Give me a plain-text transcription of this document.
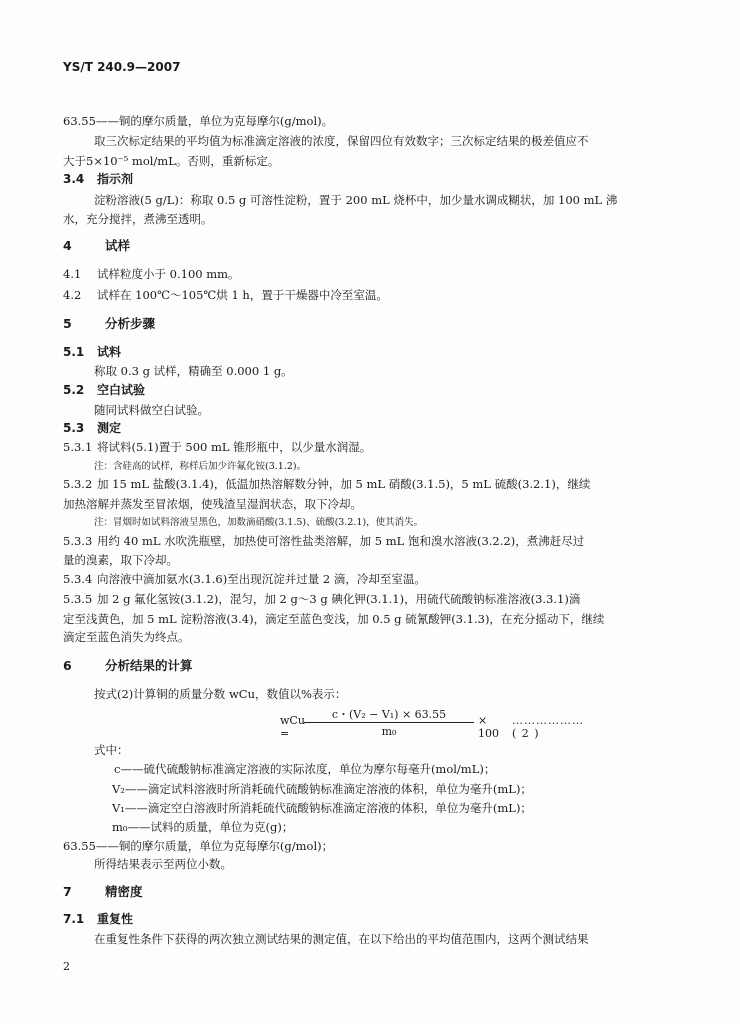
YS/T 240.9—2007
63.55——铜的摩尔质量，单位为克每摩尔(g/mol)。
取三次标定结果的平均值为标准滴定溶液的浓度，保留四位有效数字；三次标定结果的极差值应不
大于5×10⁻⁵ mol/mL。否则，重新标定。
3.4 指示剂
淀粉溶液(5 g/L)：称取 0.5 g 可溶性淀粉，置于 200 mL 烧杯中，加少量水调成糊状，加 100 mL 沸
水，充分搅拌，煮沸至透明。
4	试样
4.1 试样粒度小于 0.100 mm。
4.2 试样在 100℃～105℃烘 1 h，置于干燥器中冷至室温。
5	分析步骤
5.1 试料
称取 0.3 g 试样，精确至 0.000 1 g。
5.2 空白试验
随同试料做空白试验。
5.3 测定
5.3.1 将试料(5.1)置于 500 mL 锥形瓶中，以少量水润湿。
注：含硅高的试样，称样后加少许氟化铵(3.1.2)。
5.3.2 加 15 mL 盐酸(3.1.4)，低温加热溶解数分钟，加 5 mL 硝酸(3.1.5)，5 mL 硫酸(3.2.1)，继续
加热溶解并蒸发至冒浓烟，使残渣呈湿润状态，取下冷却。
注：冒烟时如试料溶液呈黑色，加数滴硝酸(3.1.5)、硫酸(3.2.1)，使其消失。
5.3.3 用约 40 mL 水吹洗瓶壁，加热使可溶性盐类溶解，加 5 mL 饱和溴水溶液(3.2.2)，煮沸赶尽过
量的溴素，取下冷却。
5.3.4 向溶液中滴加氨水(3.1.6)至出现沉淀并过量 2 滴，冷却至室温。
5.3.5 加 2 g 氟化氢铵(3.1.2)，混匀，加 2 g～3 g 碘化钾(3.1.1)，用硫代硫酸钠标准溶液(3.3.1)滴
定至浅黄色，加 5 mL 淀粉溶液(3.4)，滴定至蓝色变浅，加 0.5 g 硫氰酸钾(3.1.3)，在充分摇动下，继续
滴定至蓝色消失为终点。
6	分析结果的计算
按式(2)计算铜的质量分数 wCu，数值以%表示：
wCu =	$\frac{\text{c・(V₂ − V₁) × 63.55}}{\text{m₀}} \times 100$
………………( 2 )
式中：
c——硫代硫酸钠标准滴定溶液的实际浓度，单位为摩尔每毫升(mol/mL)；
V₂——滴定试料溶液时所消耗硫代硫酸钠标准滴定溶液的体积，单位为毫升(mL)；
V₁——滴定空白溶液时所消耗硫代硫酸钠标准滴定溶液的体积，单位为毫升(mL)；
m₀——试料的质量，单位为克(g)；
63.55——铜的摩尔质量，单位为克每摩尔(g/mol)；
所得结果表示至两位小数。
7	精密度
7.1 重复性
在重复性条件下获得的两次独立测试结果的测定值，在以下给出的平均值范围内，这两个测试结果
2
